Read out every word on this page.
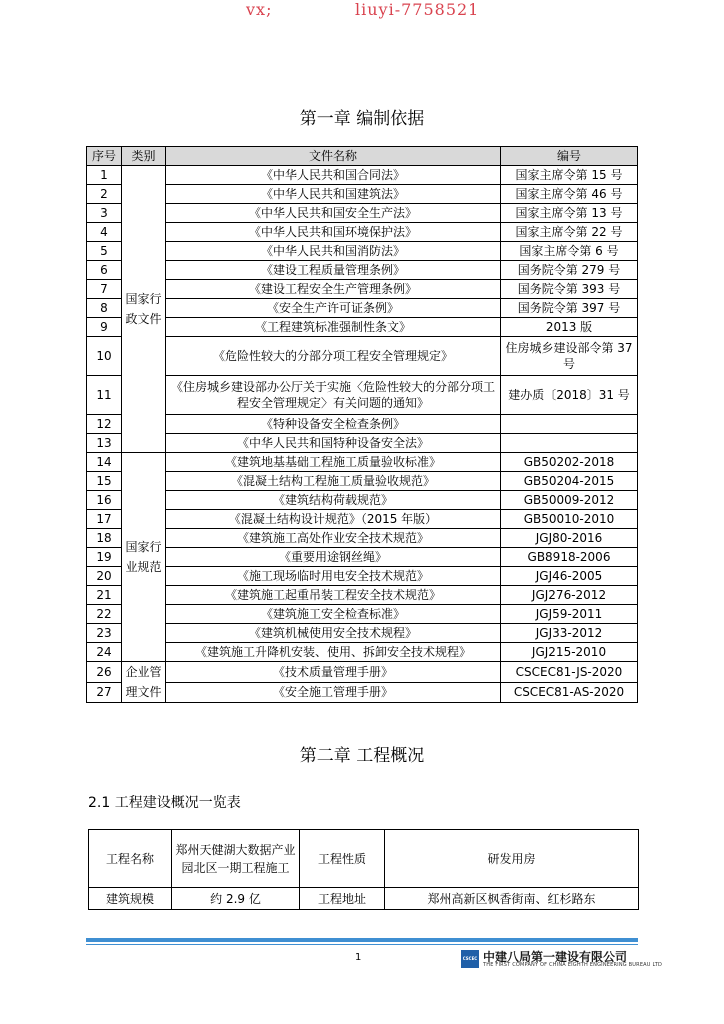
vx;	liuyi-7758521
第一章 编制依据
序号	类别	文件名称	编号
1	国家行政文件	《中华人民共和国合同法》	国家主席令第 15 号
2		《中华人民共和国建筑法》	国家主席令第 46 号
3		《中华人民共和国安全生产法》	国家主席令第 13 号
4		《中华人民共和国环境保护法》	国家主席令第 22 号
5		《中华人民共和国消防法》	国家主席令第 6 号
6		《建设工程质量管理条例》	国务院令第 279 号
7		《建设工程安全生产管理条例》	国务院令第 393 号
8		《安全生产许可证条例》	国务院令第 397 号
9		《工程建筑标准强制性条文》	2013 版
10		《危险性较大的分部分项工程安全管理规定》	住房城乡建设部令第 37 号
11		《住房城乡建设部办公厅关于实施〈危险性较大的分部分项工程安全管理规定〉有关问题的通知》	建办质〔2018〕31 号
12		《特种设备安全检查条例》	
13		《中华人民共和国特种设备安全法》	
14	国家行业规范	《建筑地基基础工程施工质量验收标准》	GB50202-2018
15		《混凝土结构工程施工质量验收规范》	GB50204-2015
16		《建筑结构荷载规范》	GB50009-2012
17		《混凝土结构设计规范》（2015 年版）	GB50010-2010
18		《建筑施工高处作业安全技术规范》	JGJ80-2016
19		《重要用途钢丝绳》	GB8918-2006
20		《施工现场临时用电安全技术规范》	JGJ46-2005
21		《建筑施工起重吊装工程安全技术规范》	JGJ276-2012
22		《建筑施工安全检查标准》	JGJ59-2011
23		《建筑机械使用安全技术规程》	JGJ33-2012
24		《建筑施工升降机安装、使用、拆卸安全技术规程》	JGJ215-2010
26	企业管理文件	《技术质量管理手册》	CSCEC81-JS-2020
27		《安全施工管理手册》	CSCEC81-AS-2020
第二章 工程概况
2.1 工程建设概况一览表
工程名称	郑州天健湖大数据产业园北区一期工程施工	工程性质	研发用房
建筑规模	约 2.9 亿	工程地址	郑州高新区枫香街南、红杉路东
1	CSCEC 中建八局第一建设有限公司
THE FIRST COMPANY OF CHINA EIGHTH ENGINEERING BUREAU LTD
